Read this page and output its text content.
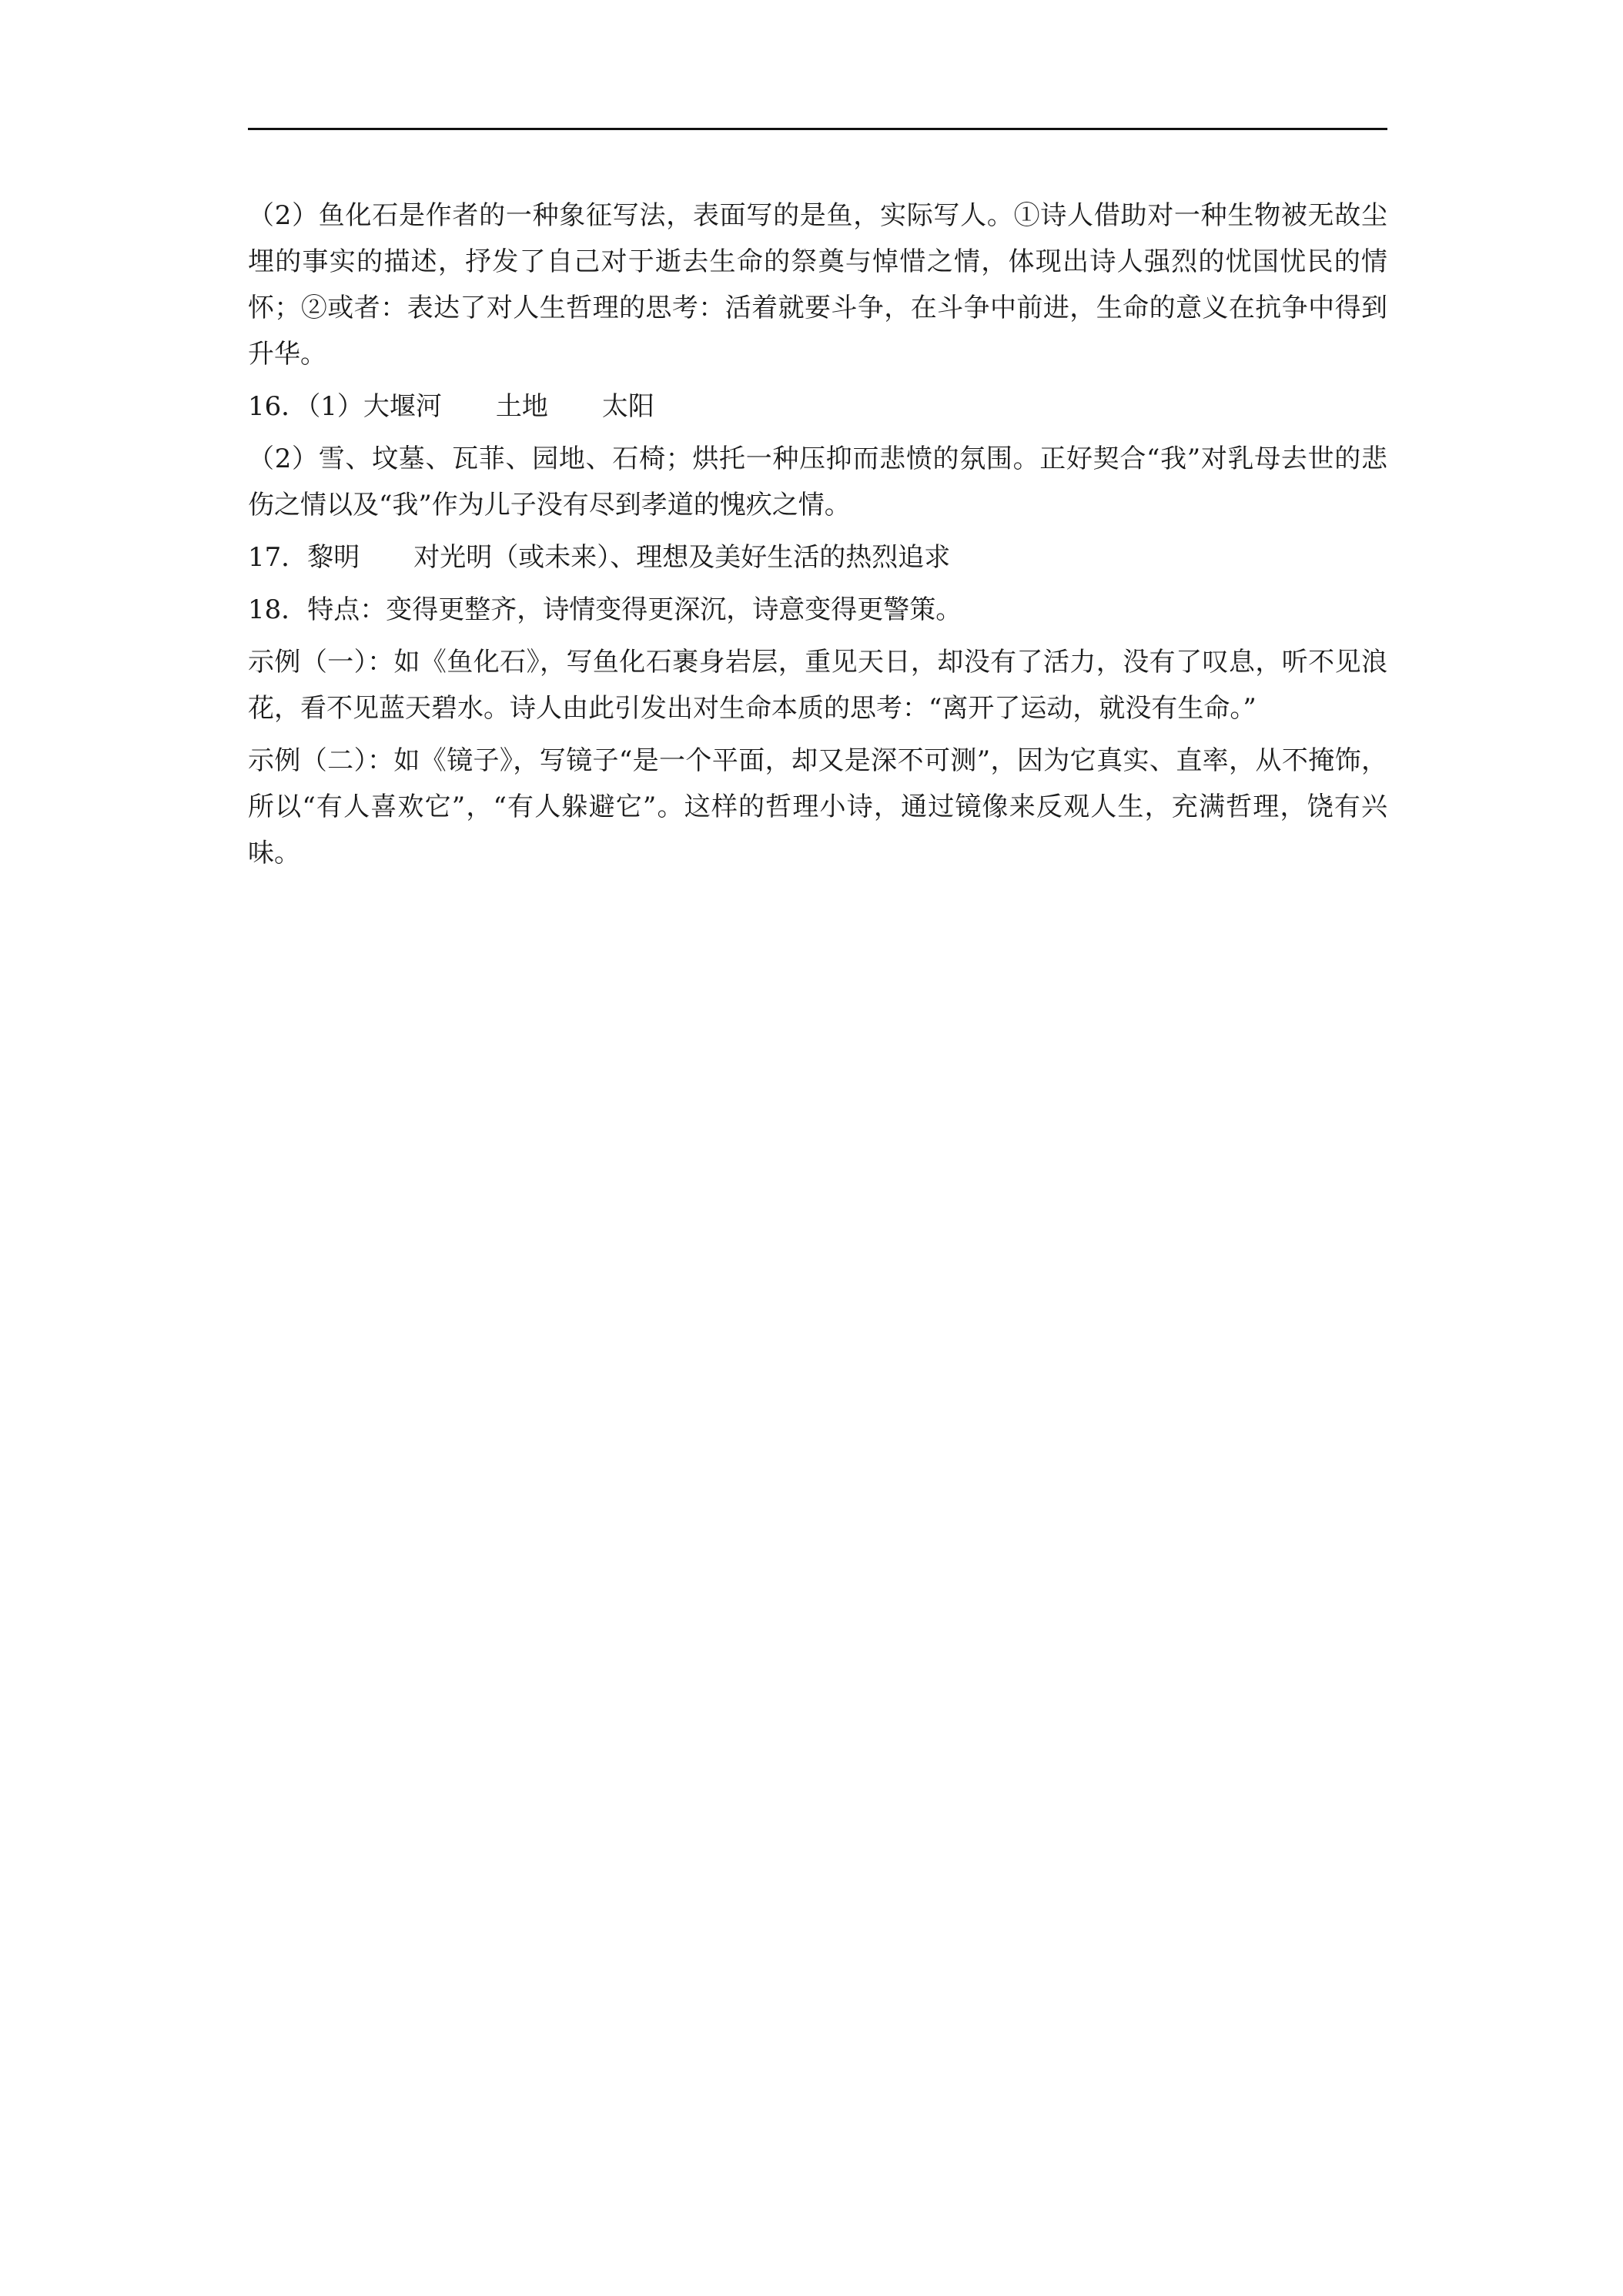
（2）鱼化石是作者的一种象征写法，表面写的是鱼，实际写人。①诗人借助对一种生物被无故尘埋的事实的描述，抒发了自己对于逝去生命的祭奠与悼惜之情，体现出诗人强烈的忧国忧民的情怀；②或者：表达了对人生哲理的思考：活着就要斗争，在斗争中前进，生命的意义在抗争中得到升华。

16．（1）大堰河 土地 太阳

（2）雪、坟墓、瓦菲、园地、石椅；烘托一种压抑而悲愤的氛围。正好契合“我”对乳母去世的悲伤之情以及“我”作为儿子没有尽到孝道的愧疚之情。

17．黎明 对光明（或未来）、理想及美好生活的热烈追求

18．特点：变得更整齐，诗情变得更深沉，诗意变得更警策。

示例（一）：如《鱼化石》，写鱼化石裹身岩层，重见天日，却没有了活力，没有了叹息，听不见浪花，看不见蓝天碧水。诗人由此引发出对生命本质的思考：“离开了运动，就没有生命。”

示例（二）：如《镜子》，写镜子“是一个平面，却又是深不可测”，因为它真实、直率，从不掩饰，所以“有人喜欢它”，“有人躲避它”。这样的哲理小诗，通过镜像来反观人生，充满哲理，饶有兴味。
